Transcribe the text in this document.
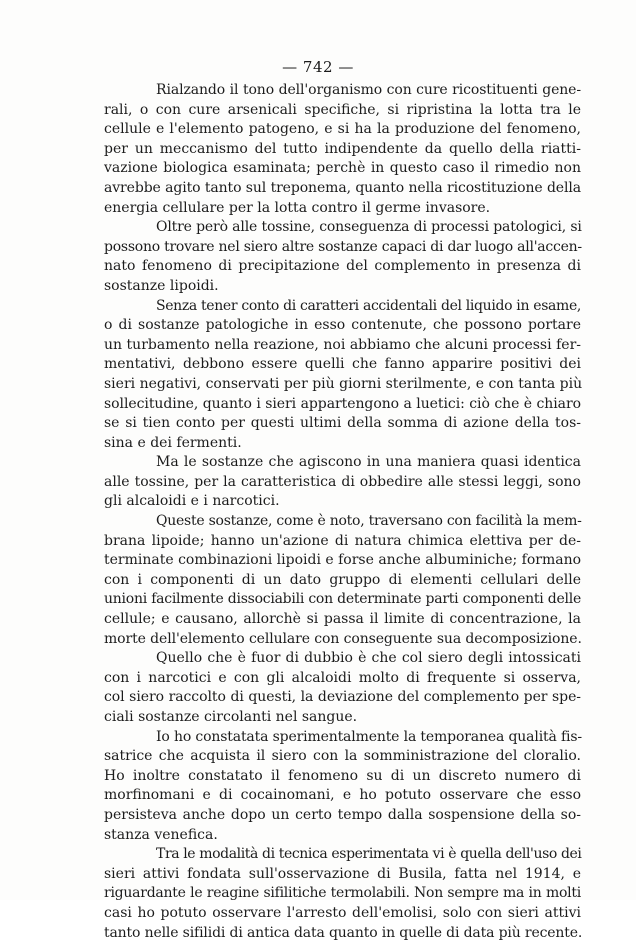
— 742 —
Rialzando il tono dell'organismo con cure ricostituenti gene-
rali, o con cure arsenicali specifiche, si ripristina la lotta tra le
cellule e l'elemento patogeno, e si ha la produzione del fenomeno,
per un meccanismo del tutto indipendente da quello della riatti-
vazione biologica esaminata; perchè in questo caso il rimedio non
avrebbe agito tanto sul treponema, quanto nella ricostituzione della
energia cellulare per la lotta contro il germe invasore.
Oltre però alle tossine, conseguenza di processi patologici, si
possono trovare nel siero altre sostanze capaci di dar luogo all'accen-
nato fenomeno di precipitazione del complemento in presenza di
sostanze lipoidi.
Senza tener conto di caratteri accidentali del liquido in esame,
o di sostanze patologiche in esso contenute, che possono portare
un turbamento nella reazione, noi abbiamo che alcuni processi fer-
mentativi, debbono essere quelli che fanno apparire positivi dei
sieri negativi, conservati per più giorni sterilmente, e con tanta più
sollecitudine, quanto i sieri appartengono a luetici: ciò che è chiaro
se si tien conto per questi ultimi della somma di azione della tos-
sina e dei fermenti.
Ma le sostanze che agiscono in una maniera quasi identica
alle tossine, per la caratteristica di obbedire alle stessi leggi, sono
gli alcaloidi e i narcotici.
Queste sostanze, come è noto, traversano con facilità la mem-
brana lipoide; hanno un'azione di natura chimica elettiva per de-
terminate combinazioni lipoidi e forse anche albuminiche; formano
con i componenti di un dato gruppo di elementi cellulari delle
unioni facilmente dissociabili con determinate parti componenti delle
cellule; e causano, allorchè si passa il limite di concentrazione, la
morte dell'elemento cellulare con conseguente sua decomposizione.
Quello che è fuor di dubbio è che col siero degli intossicati
con i narcotici e con gli alcaloidi molto di frequente si osserva,
col siero raccolto di questi, la deviazione del complemento per spe-
ciali sostanze circolanti nel sangue.
Io ho constatata sperimentalmente la temporanea qualità fis-
satrice che acquista il siero con la somministrazione del cloralio.
Ho inoltre constatato il fenomeno su di un discreto numero di
morfinomani e di cocainomani, e ho potuto osservare che esso
persisteva anche dopo un certo tempo dalla sospensione della so-
stanza venefica.
Tra le modalità di tecnica esperimentata vi è quella dell'uso dei
sieri attivi fondata sull'osservazione di Busila, fatta nel 1914, e
riguardante le reagine sifilitiche termolabili. Non sempre ma in molti
casi ho potuto osservare l'arresto dell'emolisi, solo con sieri attivi
tanto nelle sifilidi di antica data quanto in quelle di data più recente.
